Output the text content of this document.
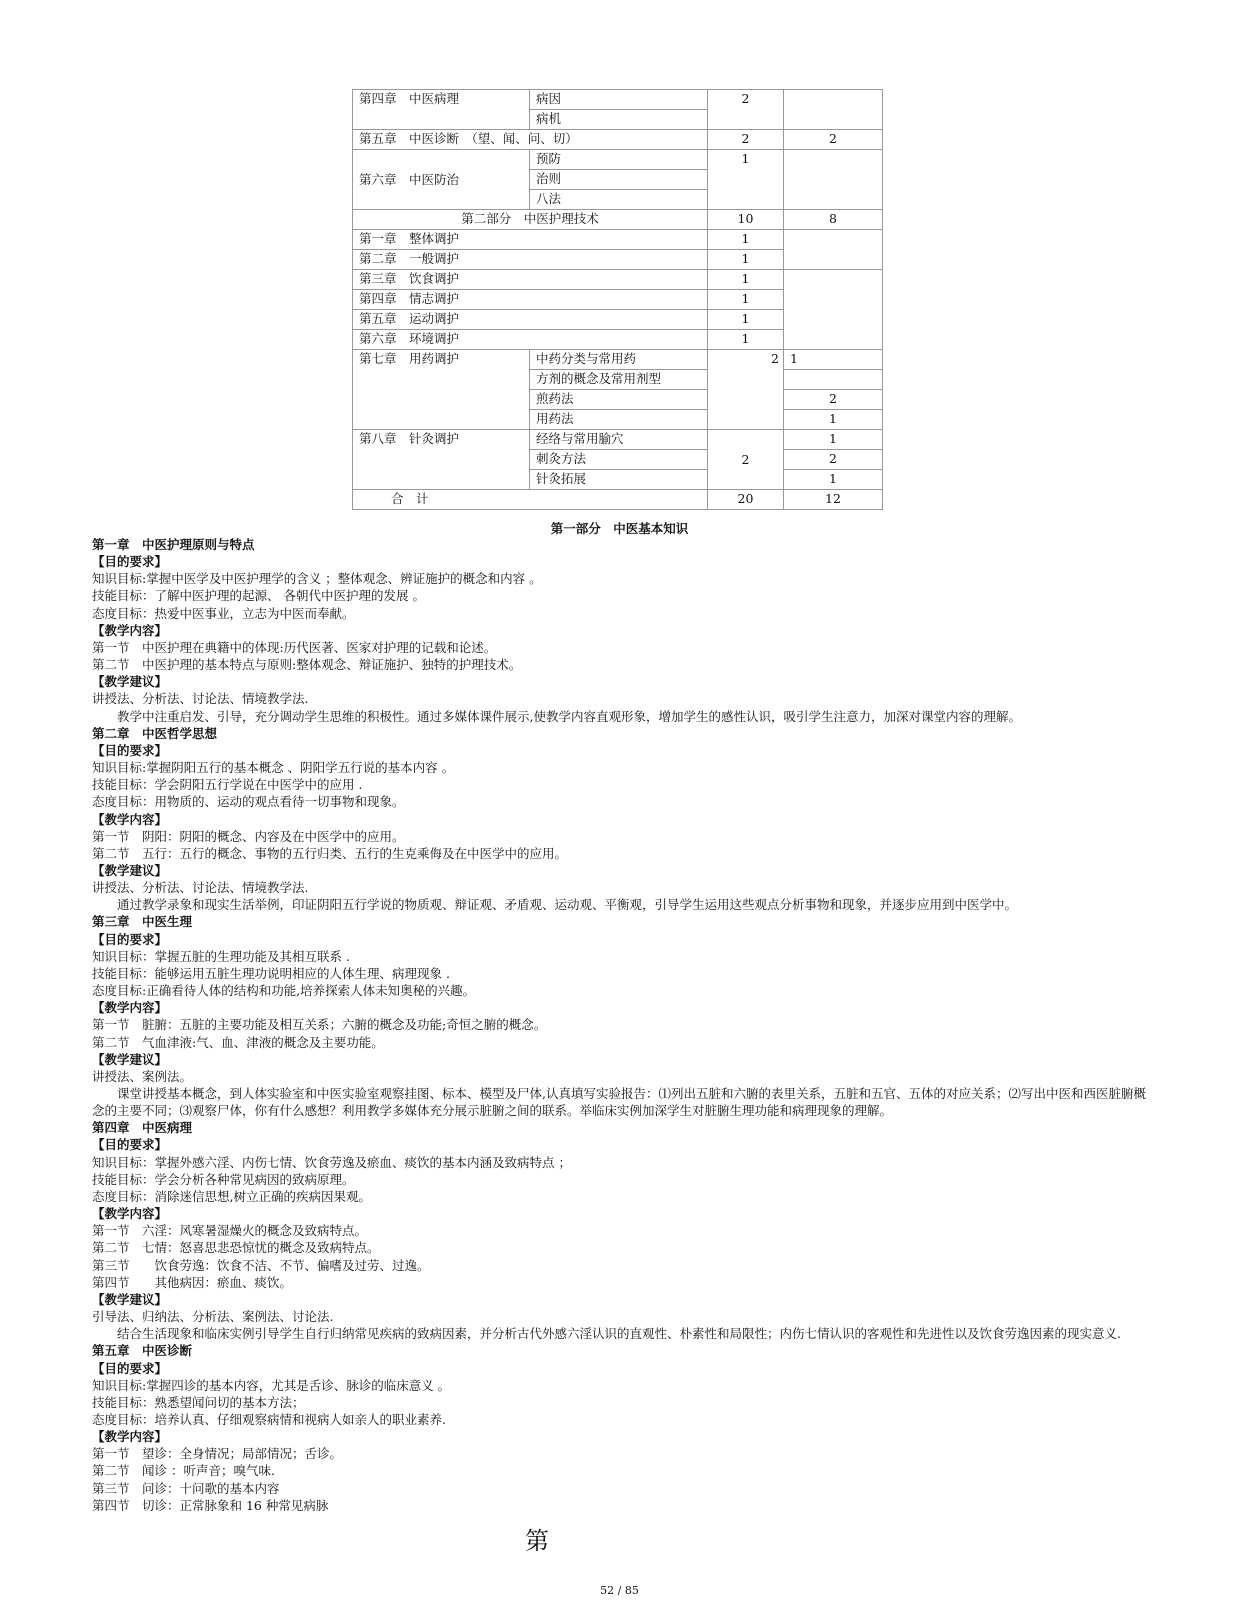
第四章　中医病理	病因	2	
	病机		
第五章　中医诊断　（望、闻、问、切）		2	2
第六章　中医防治	预防	1	
	治则		
	八法		
第二部分　中医护理技术		10	8
第一章　整体调护		1	
第二章　一般调护		1	
第三章　饮食调护		1	
第四章　情志调护		1	
第五章　运动调护		1	
第六章　环境调护		1	
第七章　用药调护	中药分类与常用药	2	1
	方剂的概念及常用剂型		
	煎药法		2
	用药法		1
第八章　针灸调护	经络与常用腧穴	2	1
	刺灸方法		2
	针灸拓展		1
合　计		20	12
第一部分　中医基本知识
第一章　中医护理原则与特点
【目的要求】
知识目标:掌握中医学及中医护理学的含义 ；整体观念、辨证施护的概念和内容 。
技能目标：了解中医护理的起源、 各朝代中医护理的发展 。
态度目标：热爱中医事业，立志为中医而奉献。
【教学内容】
第一节　中医护理在典籍中的体现:历代医著、医家对护理的记载和论述。
第二节　中医护理的基本特点与原则:整体观念、辩证施护、独特的护理技术。
【教学建议】
讲授法、分析法、讨论法、情境教学法.
教学中注重启发、引导，充分调动学生思维的积极性。通过多媒体课件展示,使教学内容直观形象，增加学生的感性认识，吸引学生注意力，加深对课堂内容的理解。
第二章　中医哲学思想
【目的要求】
知识目标:掌握阴阳五行的基本概念 、阴阳学五行说的基本内容 。
技能目标：学会阴阳五行学说在中医学中的应用 .
态度目标：用物质的、运动的观点看待一切事物和现象。
【教学内容】
第一节　阴阳：阴阳的概念、内容及在中医学中的应用。
第二节　五行：五行的概念、事物的五行归类、五行的生克乘侮及在中医学中的应用。
【教学建议】
讲授法、分析法、讨论法、情境教学法.
通过教学录象和现实生活举例，印证阴阳五行学说的物质观、辩证观、矛盾观、运动观、平衡观，引导学生运用这些观点分析事物和现象，并逐步应用到中医学中。
第三章　中医生理
【目的要求】
知识目标：掌握五脏的生理功能及其相互联系 .
技能目标：能够运用五脏生理功说明相应的人体生理、病理现象 .
态度目标:正确看待人体的结构和功能,培养探索人体未知奥秘的兴趣。
【教学内容】
第一节　脏腑：五脏的主要功能及相互关系；六腑的概念及功能;奇恒之腑的概念。
第二节　气血津液:气、血、津液的概念及主要功能。
【教学建议】
讲授法、案例法。
课堂讲授基本概念，到人体实验室和中医实验室观察挂图、标本、模型及尸体,认真填写实验报告：⑴列出五脏和六腑的表里关系，五脏和五官、五体的对应关系；⑵写出中医和西医脏腑概念的主要不同；⑶观察尸体，你有什么感想？利用教学多媒体充分展示脏腑之间的联系。举临床实例加深学生对脏腑生理功能和病理现象的理解。
第四章　中医病理
【目的要求】
知识目标：掌握外感六淫、内伤七情、饮食劳逸及瘀血、痰饮的基本内涵及致病特点 ；
技能目标：学会分析各种常见病因的致病原理。
态度目标：消除迷信思想,树立正确的疾病因果观。
【教学内容】
第一节　六淫：风寒暑湿燥火的概念及致病特点。
第二节　七情：怒喜思悲恐惊忧的概念及致病特点。
第三节　　饮食劳逸：饮食不洁、不节、偏嗜及过劳、过逸。
第四节　　其他病因：瘀血、痰饮。
【教学建议】
引导法、归纳法、分析法、案例法、讨论法.
结合生活现象和临床实例引导学生自行归纳常见疾病的致病因素，并分析古代外感六淫认识的直观性、朴素性和局限性；内伤七情认识的客观性和先进性以及饮食劳逸因素的现实意义.
第五章　中医诊断
【目的要求】
知识目标:掌握四诊的基本内容，尤其是舌诊、脉诊的临床意义 。
技能目标：熟悉望闻问切的基本方法；
态度目标：培养认真、仔细观察病情和视病人如亲人的职业素养.
【教学内容】
第一节　望诊：全身情况；局部情况；舌诊。
第二节　闻诊 ：听声音；嗅气味.
第三节　问诊：十问歌的基本内容
第四节　切诊：正常脉象和 16 种常见病脉
第
52 / 85
